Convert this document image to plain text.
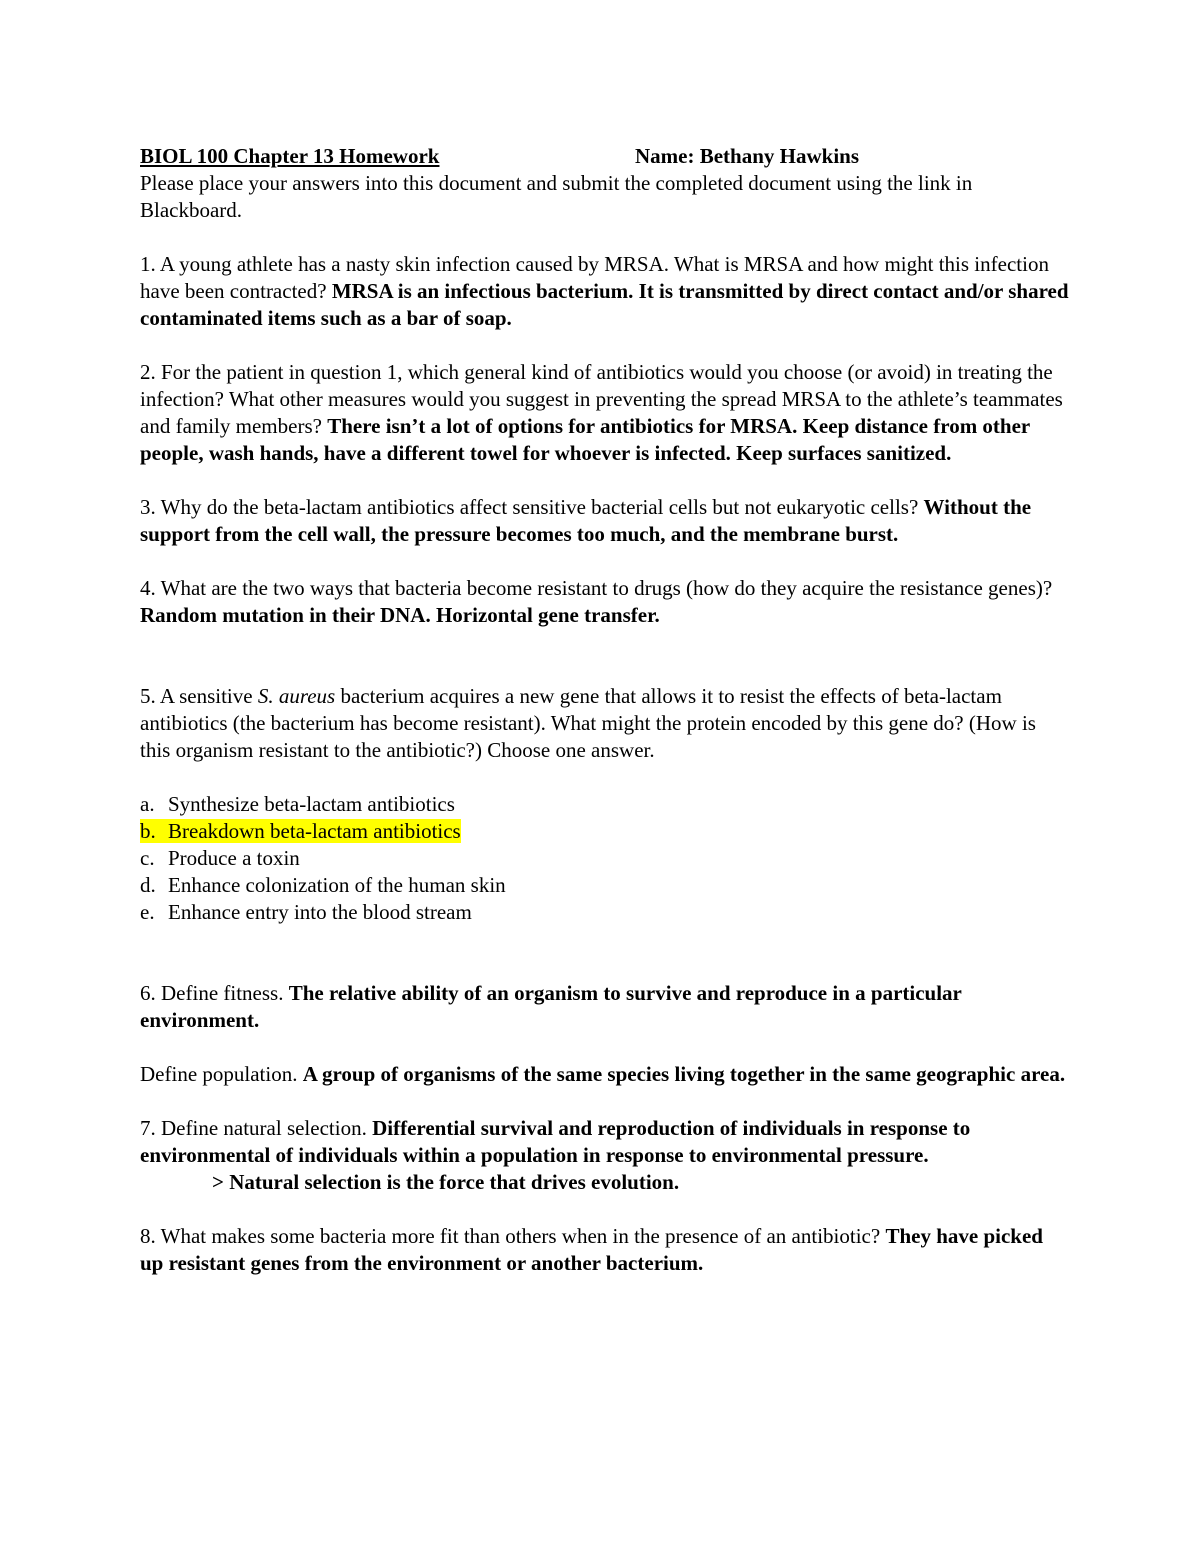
BIOL 100 Chapter 13 Homework	Name: Bethany Hawkins

Please place your answers into this document and submit the completed document using the link in Blackboard.

1. A young athlete has a nasty skin infection caused by MRSA. What is MRSA and how might this infection have been contracted? MRSA is an infectious bacterium. It is transmitted by direct contact and/or shared contaminated items such as a bar of soap.

2. For the patient in question 1, which general kind of antibiotics would you choose (or avoid) in treating the infection? What other measures would you suggest in preventing the spread MRSA to the athlete’s teammates and family members? There isn’t a lot of options for antibiotics for MRSA. Keep distance from other people, wash hands, have a different towel for whoever is infected. Keep surfaces sanitized.

3. Why do the beta-lactam antibiotics affect sensitive bacterial cells but not eukaryotic cells? Without the support from the cell wall, the pressure becomes too much, and the membrane burst.

4. What are the two ways that bacteria become resistant to drugs (how do they acquire the resistance genes)? Random mutation in their DNA. Horizontal gene transfer.

5. A sensitive S. aureus bacterium acquires a new gene that allows it to resist the effects of beta-lactam antibiotics (the bacterium has become resistant). What might the protein encoded by this gene do? (How is this organism resistant to the antibiotic?) Choose one answer.

a. Synthesize beta-lactam antibiotics
b. Breakdown beta-lactam antibiotics
c. Produce a toxin
d. Enhance colonization of the human skin
e. Enhance entry into the blood stream

6. Define fitness. The relative ability of an organism to survive and reproduce in a particular environment.

Define population. A group of organisms of the same species living together in the same geographic area.

7. Define natural selection. Differential survival and reproduction of individuals in response to environmental of individuals within a population in response to environmental pressure.

> Natural selection is the force that drives evolution.

8. What makes some bacteria more fit than others when in the presence of an antibiotic? They have picked up resistant genes from the environment or another bacterium.
